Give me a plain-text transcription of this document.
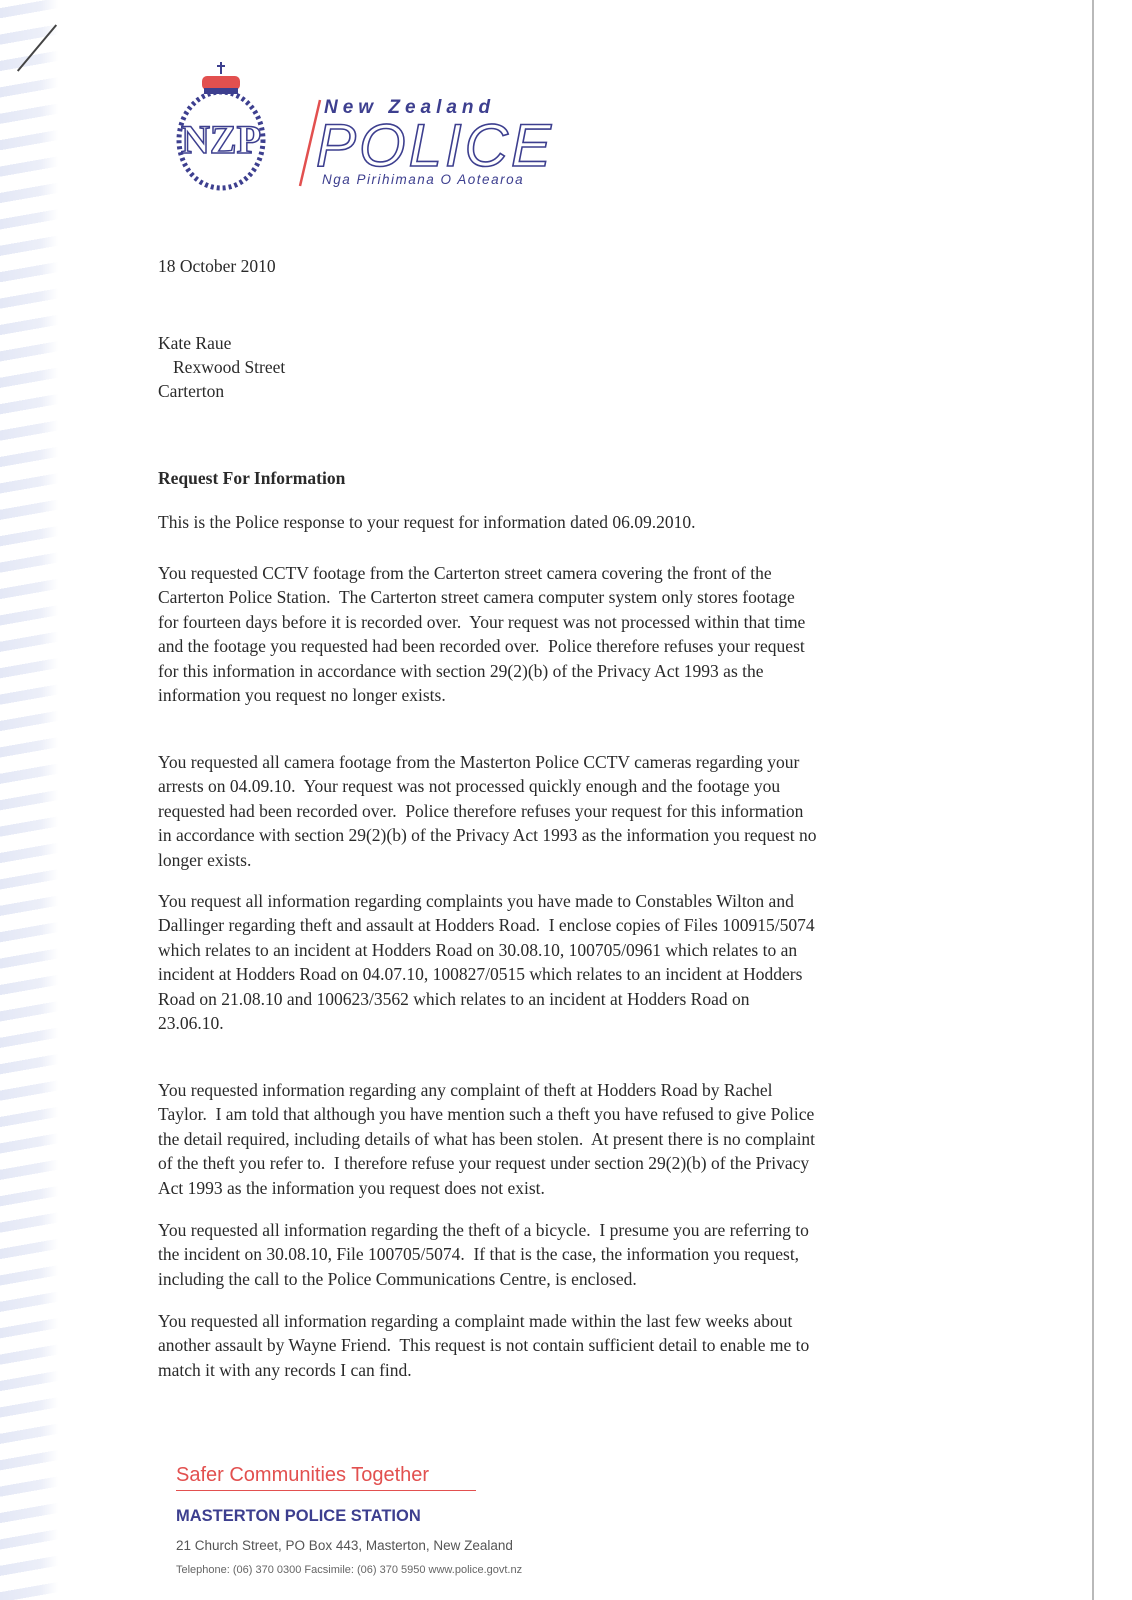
NZP
New Zealand
POLICE
Nga Pirihimana O Aotearoa
18 October 2010
Kate Raue
Rexwood Street
Carterton
Request For Information
This is the Police response to your request for information dated 06.09.2010.
You requested CCTV footage from the Carterton street camera covering the front of the
Carterton Police Station.  The Carterton street camera computer system only stores footage
for fourteen days before it is recorded over.  Your request was not processed within that time
and the footage you requested had been recorded over.  Police therefore refuses your request
for this information in accordance with section 29(2)(b) of the Privacy Act 1993 as the
information you request no longer exists.
You requested all camera footage from the Masterton Police CCTV cameras regarding your
arrests on 04.09.10.  Your request was not processed quickly enough and the footage you
requested had been recorded over.  Police therefore refuses your request for this information
in accordance with section 29(2)(b) of the Privacy Act 1993 as the information you request no
longer exists.
You request all information regarding complaints you have made to Constables Wilton and
Dallinger regarding theft and assault at Hodders Road.  I enclose copies of Files 100915/5074
which relates to an incident at Hodders Road on 30.08.10, 100705/0961 which relates to an
incident at Hodders Road on 04.07.10, 100827/0515 which relates to an incident at Hodders
Road on 21.08.10 and 100623/3562 which relates to an incident at Hodders Road on
23.06.10.
You requested information regarding any complaint of theft at Hodders Road by Rachel
Taylor.  I am told that although you have mention such a theft you have refused to give Police
the detail required, including details of what has been stolen.  At present there is no complaint
of the theft you refer to.  I therefore refuse your request under section 29(2)(b) of the Privacy
Act 1993 as the information you request does not exist.
You requested all information regarding the theft of a bicycle.  I presume you are referring to
the incident on 30.08.10, File 100705/5074.  If that is the case, the information you request,
including the call to the Police Communications Centre, is enclosed.
You requested all information regarding a complaint made within the last few weeks about
another assault by Wayne Friend.  This request is not contain sufficient detail to enable me to
match it with any records I can find.
Safer Communities Together
MASTERTON POLICE STATION
21 Church Street, PO Box 443, Masterton, New Zealand
Telephone: (06) 370 0300 Facsimile: (06) 370 5950 www.police.govt.nz
